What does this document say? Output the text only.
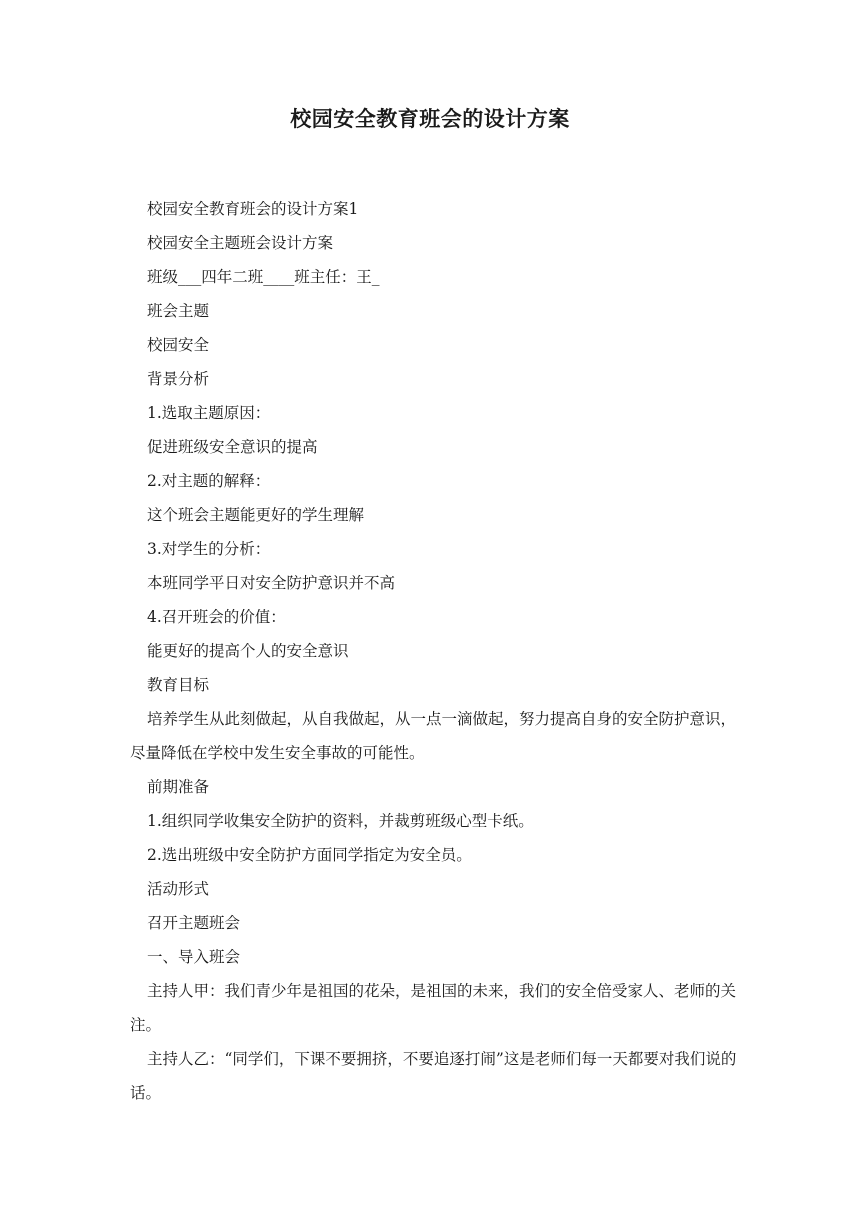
校园安全教育班会的设计方案

校园安全教育班会的设计方案1

校园安全主题班会设计方案

班级___四年二班____班主任：王_

班会主题

校园安全

背景分析

1.选取主题原因：

促进班级安全意识的提高

2.对主题的解释：

这个班会主题能更好的学生理解

3.对学生的分析：

本班同学平日对安全防护意识并不高

4.召开班会的价值：

能更好的提高个人的安全意识

教育目标

培养学生从此刻做起，从自我做起，从一点一滴做起，努力提高自身的安全防护意识，尽量降低在学校中发生安全事故的可能性。

前期准备

1.组织同学收集安全防护的资料，并裁剪班级心型卡纸。

2.选出班级中安全防护方面同学指定为安全员。

活动形式

召开主题班会

一、导入班会

主持人甲：我们青少年是祖国的花朵，是祖国的未来，我们的安全倍受家人、老师的关注。

主持人乙：“同学们，下课不要拥挤，不要追逐打闹”这是老师们每一天都要对我们说的话。
